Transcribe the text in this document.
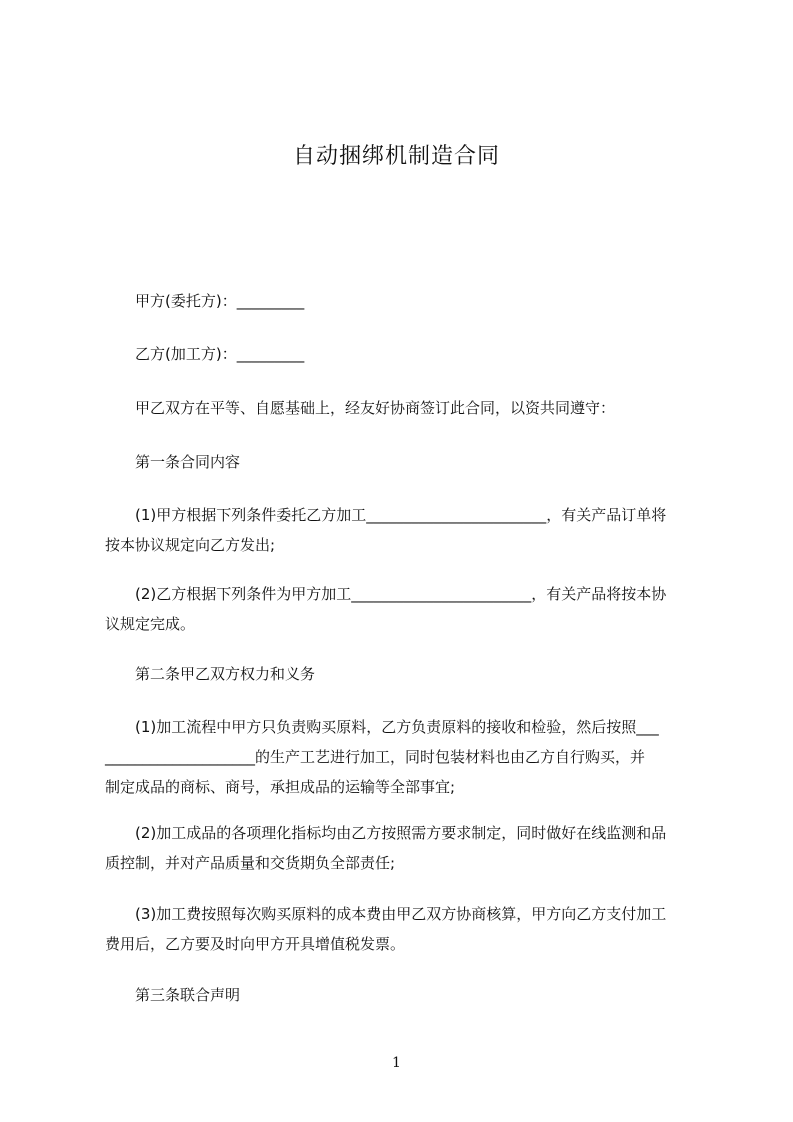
自动捆绑机制造合同
甲方(委托方)：_________
乙方(加工方)：_________
甲乙双方在平等、自愿基础上，经友好协商签订此合同，以资共同遵守：
第一条合同内容
(1)甲方根据下列条件委托乙方加工________________________，有关产品订单将
按本协议规定向乙方发出;
(2)乙方根据下列条件为甲方加工________________________，有关产品将按本协
议规定完成。
第二条甲乙双方权力和义务
(1)加工流程中甲方只负责购买原料，乙方负责原料的接收和检验，然后按照___
____________________的生产工艺进行加工，同时包装材料也由乙方自行购买，并
制定成品的商标、商号，承担成品的运输等全部事宜;
(2)加工成品的各项理化指标均由乙方按照需方要求制定，同时做好在线监测和品
质控制，并对产品质量和交货期负全部责任;
(3)加工费按照每次购买原料的成本费由甲乙双方协商核算，甲方向乙方支付加工
费用后，乙方要及时向甲方开具增值税发票。
第三条联合声明
1
